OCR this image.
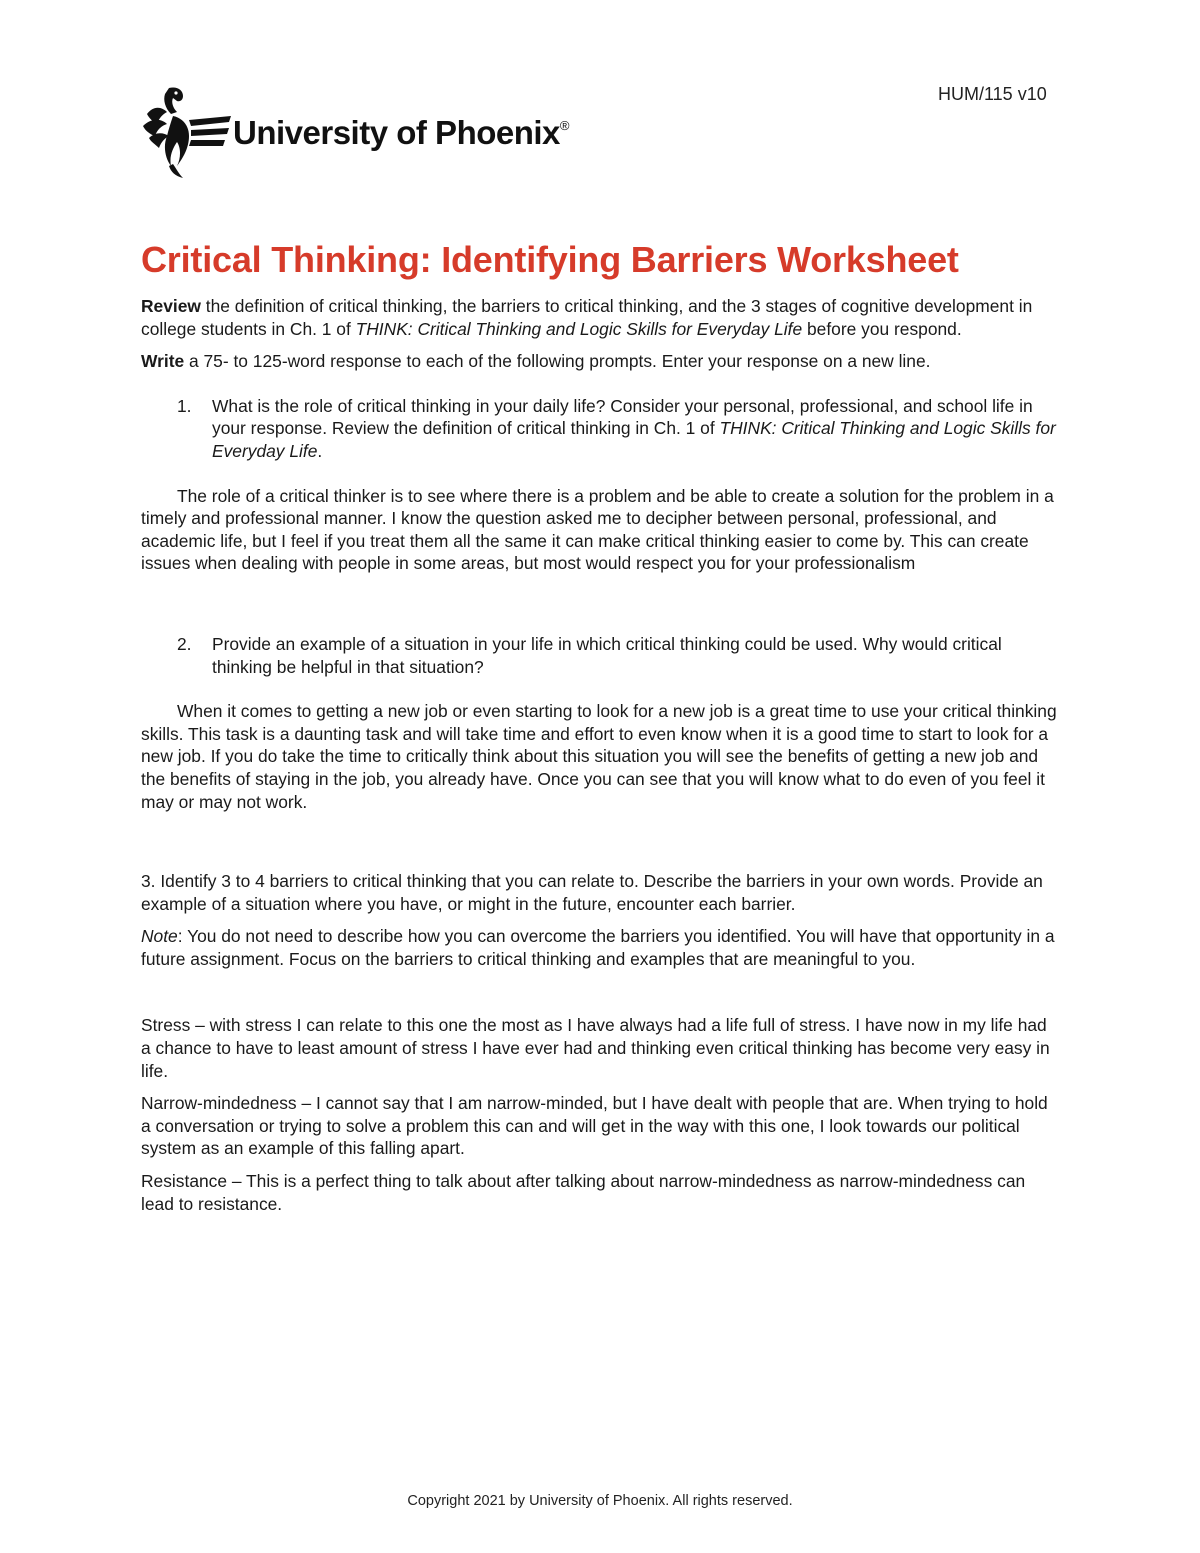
HUM/115 v10
University of Phoenix®
Critical Thinking: Identifying Barriers Worksheet

Review the definition of critical thinking, the barriers to critical thinking, and the 3 stages of cognitive development in college students in Ch. 1 of THINK: Critical Thinking and Logic Skills for Everyday Life before you respond.

Write a 75- to 125-word response to each of the following prompts. Enter your response on a new line.

1.	What is the role of critical thinking in your daily life? Consider your personal, professional, and school life in your response. Review the definition of critical thinking in Ch. 1 of THINK: Critical Thinking and Logic Skills for Everyday Life.

The role of a critical thinker is to see where there is a problem and be able to create a solution for the problem in a timely and professional manner. I know the question asked me to decipher between personal, professional, and academic life, but I feel if you treat them all the same it can make critical thinking easier to come by. This can create issues when dealing with people in some areas, but most would respect you for your professionalism

2.	Provide an example of a situation in your life in which critical thinking could be used. Why would critical thinking be helpful in that situation?

When it comes to getting a new job or even starting to look for a new job is a great time to use your critical thinking skills. This task is a daunting task and will take time and effort to even know when it is a good time to start to look for a new job. If you do take the time to critically think about this situation you will see the benefits of getting a new job and the benefits of staying in the job, you already have. Once you can see that you will know what to do even of you feel it may or may not work.

3. Identify 3 to 4 barriers to critical thinking that you can relate to. Describe the barriers in your own words. Provide an example of a situation where you have, or might in the future, encounter each barrier.

Note: You do not need to describe how you can overcome the barriers you identified. You will have that opportunity in a future assignment. Focus on the barriers to critical thinking and examples that are meaningful to you.

Stress – with stress I can relate to this one the most as I have always had a life full of stress. I have now in my life had a chance to have to least amount of stress I have ever had and thinking even critical thinking has become very easy in life.

Narrow-mindedness – I cannot say that I am narrow-minded, but I have dealt with people that are. When trying to hold a conversation or trying to solve a problem this can and will get in the way with this one, I look towards our political system as an example of this falling apart.

Resistance – This is a perfect thing to talk about after talking about narrow-mindedness as narrow-mindedness can lead to resistance.

Copyright 2021 by University of Phoenix. All rights reserved.
